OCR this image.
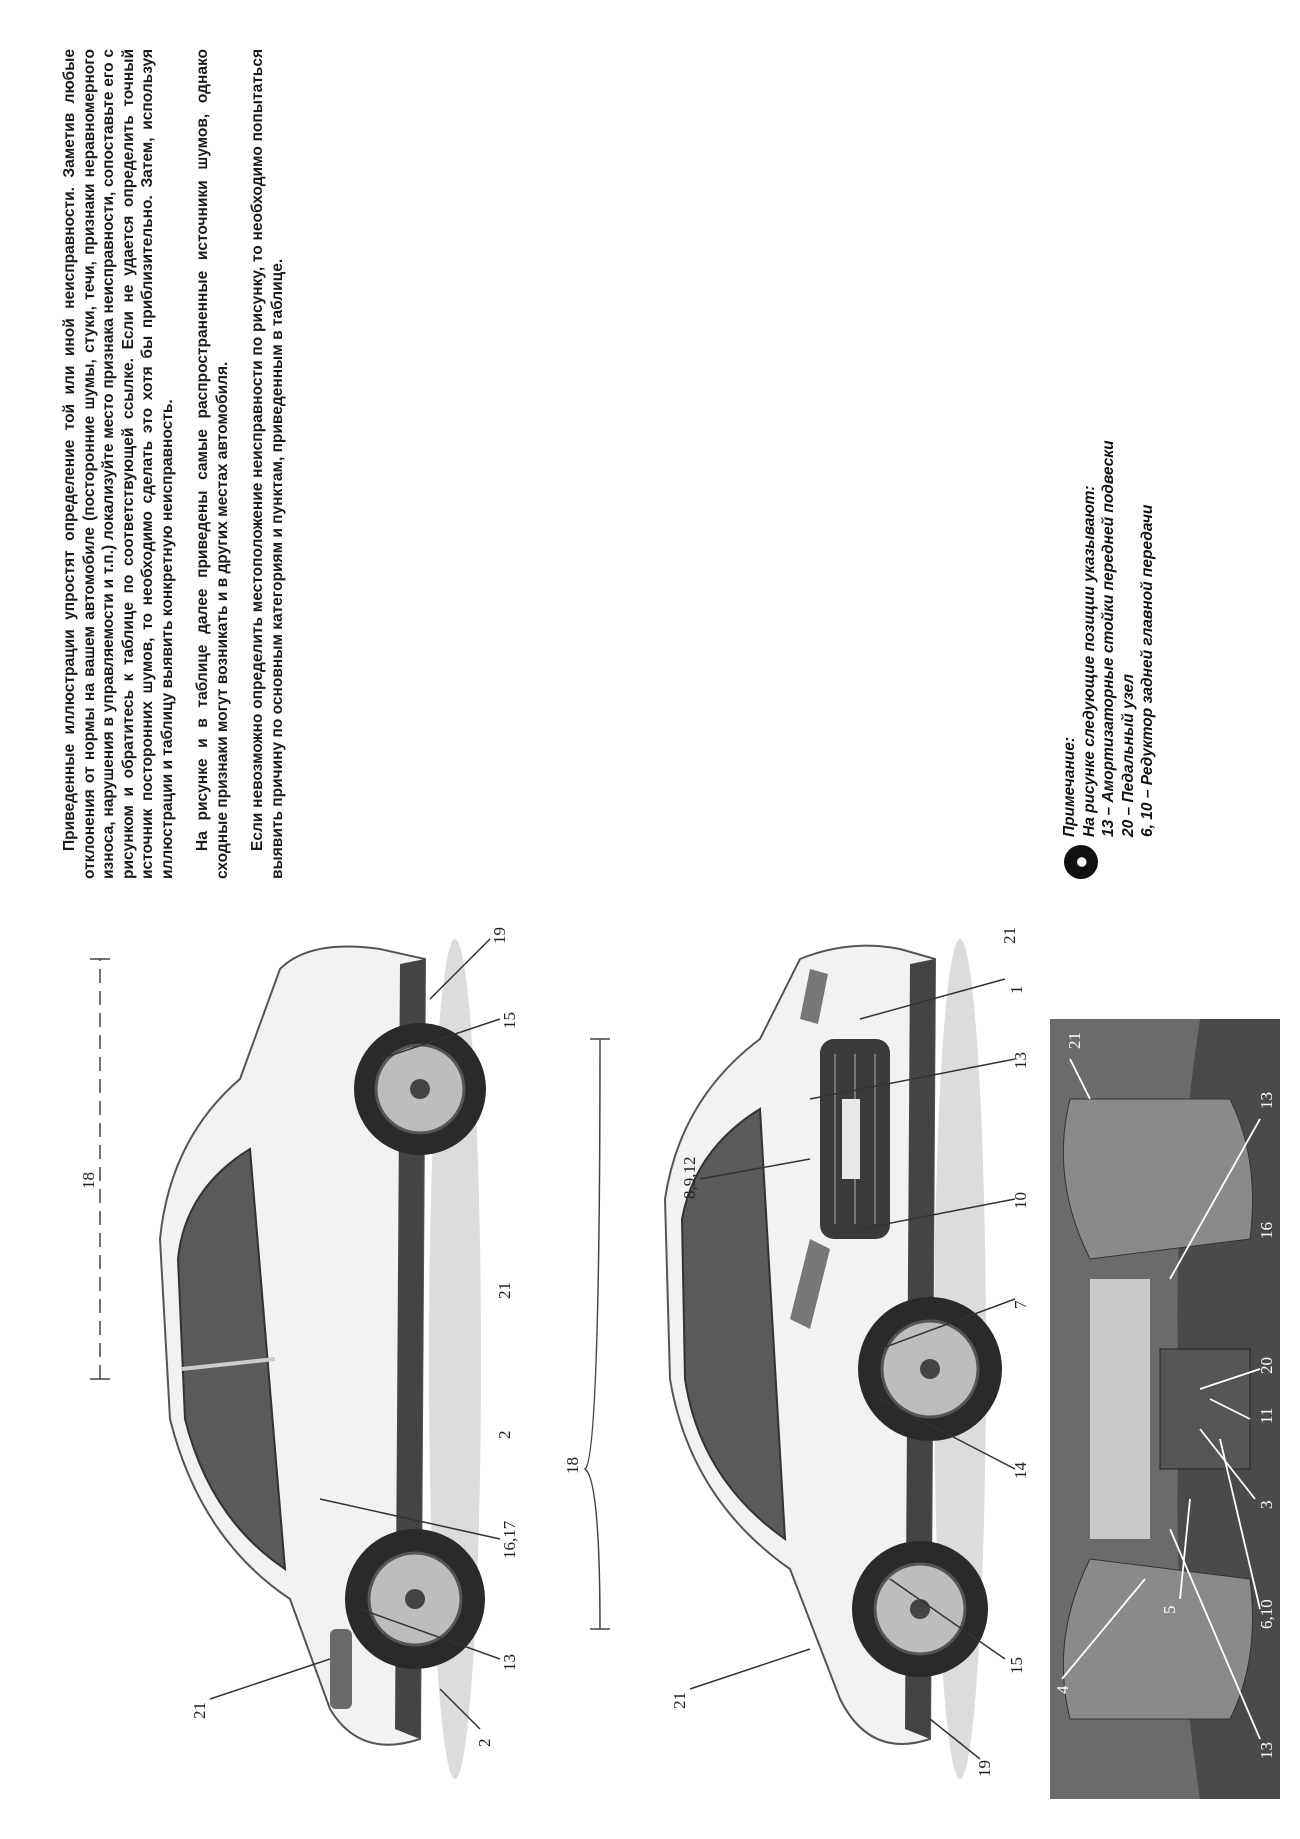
18
21
2
13
16,17
2
21
15
19
18
8,9,12
21
19
15
1
13
14
7
10
21
4
21
13
13
3
5
16
11
20
6,10

Приведенные иллюстрации упростят определение той или иной неисправности. Заметив любые отклонения от нормы на вашем автомобиле (посторонние шумы, стуки, течи, признаки неравномерного износа, нарушения в управляемости и т.п.) локализуйте место признака неисправности, сопоставьте его с рисунком и обратитесь к таблице по соответствующей ссылке. Если не удается определить точный источник посторонних шумов, то необходимо сделать это хотя бы приблизительно. Затем, используя иллюстрации и таблицу выявить конкретную неисправность. На рисунке и в таблице далее приведены самые распространенные источники шумов, однако сходные признаки могут возникать и в других местах автомобиля. Если невозможно определить местоположение неисправности по рисунку, то необходимо попытаться выявить причину по основным категориям и пунктам, приведенным в таблице.	●
Примечание: На рисунке следующие позиции указывают: 13 – Амортизаторные стойки передней подвески 20 – Педальный узел 6, 10 – Редуктор задней главной передачи
